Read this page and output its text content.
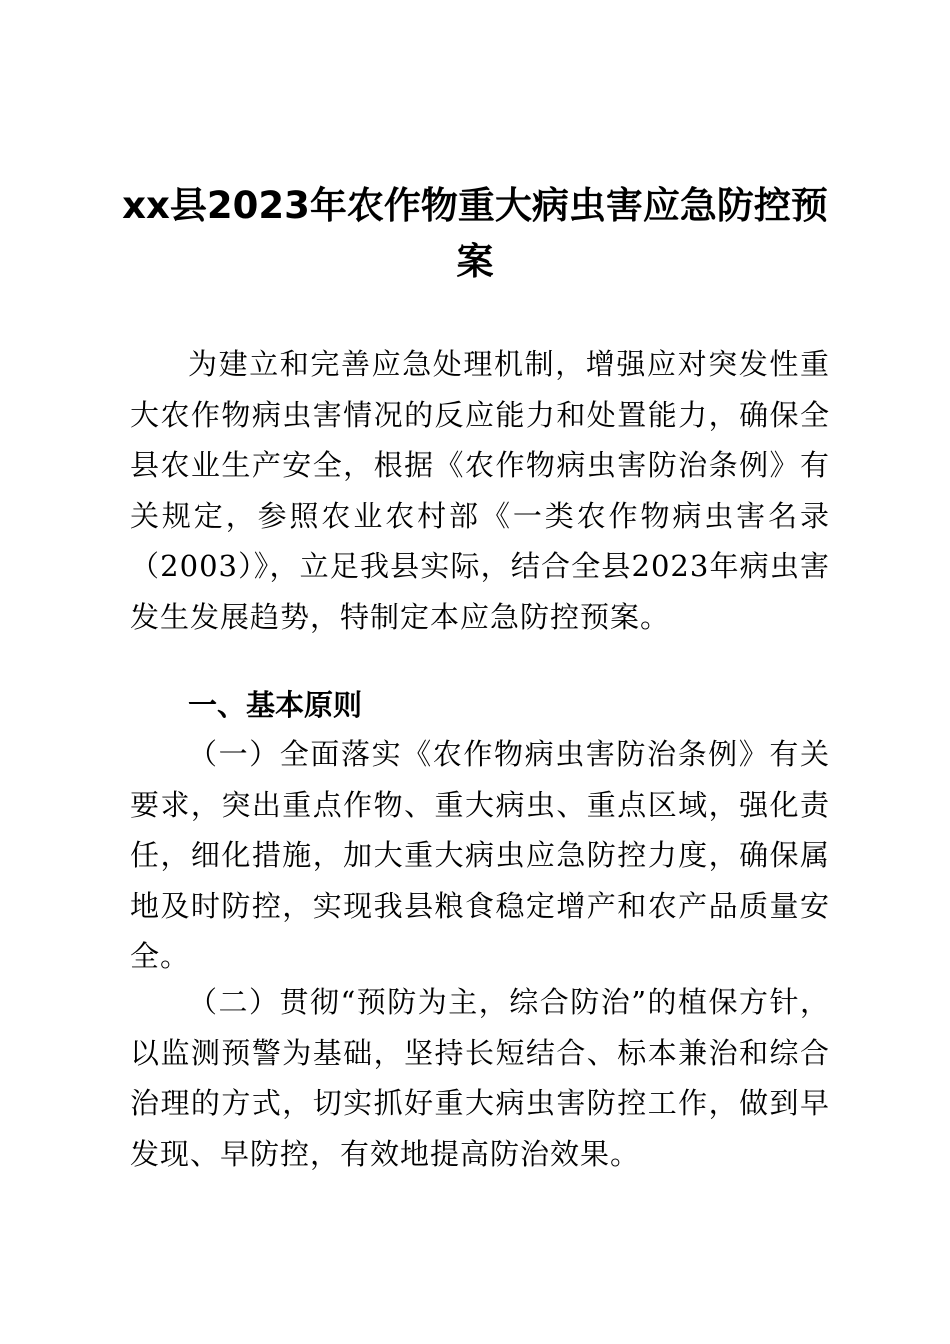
xx县2023年农作物重大病虫害应急防控预案

为建立和完善应急处理机制，增强应对突发性重大农作物病虫害情况的反应能力和处置能力，确保全县农业生产安全，根据《农作物病虫害防治条例》有关规定，参照农业农村部《一类农作物病虫害名录（2003）》，立足我县实际，结合全县2023年病虫害发生发展趋势，特制定本应急防控预案。

一、基本原则

（一）全面落实《农作物病虫害防治条例》有关要求，突出重点作物、重大病虫、重点区域，强化责任，细化措施，加大重大病虫应急防控力度，确保属地及时防控，实现我县粮食稳定增产和农产品质量安全。

（二）贯彻“预防为主，综合防治”的植保方针，以监测预警为基础，坚持长短结合、标本兼治和综合治理的方式，切实抓好重大病虫害防控工作，做到早发现、早防控，有效地提高防治效果。
